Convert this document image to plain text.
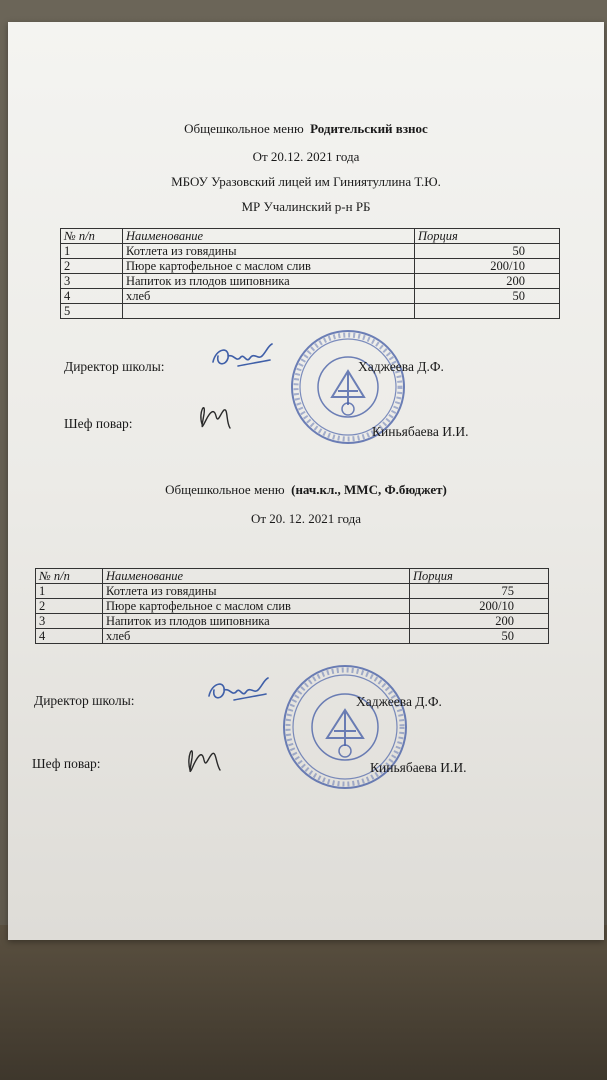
Общешкольное меню Родительский взнос
От 20.12. 2021 года
МБОУ Уразовский лицей им Гиниятуллина Т.Ю.
МР Учалинский р-н РБ
№ п/п	Наименование	Порция
1	Котлета из говядины	50
2	Пюре картофельное с маслом слив	200/10
3	Напиток из плодов шиповника	200
4	хлеб	50
5		
Директор школы:	Хаджеева Д.Ф.
Шеф повар:
Киньябаева И.И.
Общешкольное меню (нач.кл., ММС, Ф.бюджет)
От 20. 12. 2021 года
№ п/п	Наименование	Порция
1	Котлета из говядины	75
2	Пюре картофельное с маслом слив	200/10
3	Напиток из плодов шиповника	200
4	хлеб	50
Директор школы:	Хаджеева Д.Ф.
Шеф повар:	Киньябаева И.И.
